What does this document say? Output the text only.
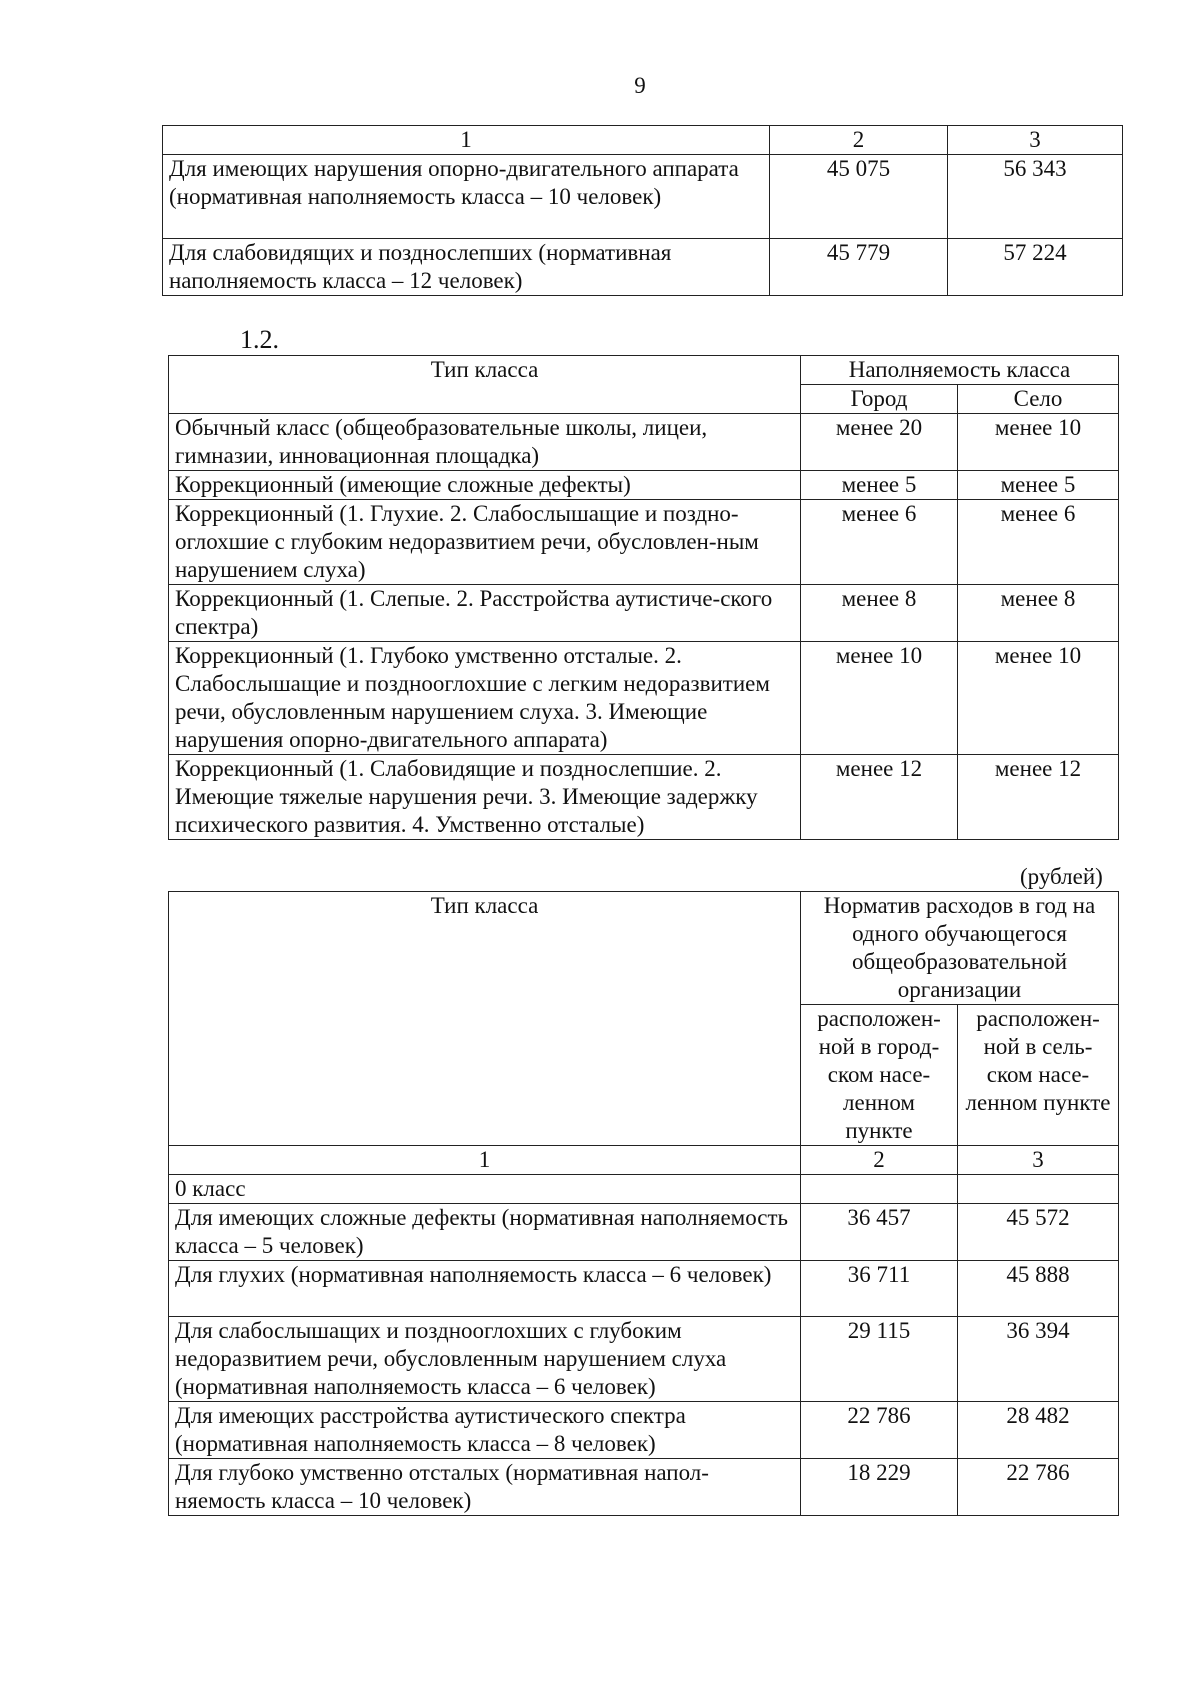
9
1	2	3
Для имеющих нарушения опорно-двигательного аппарата (нормативная наполняемость класса – 10 человек)	45 075	56 343
Для слабовидящих и позднослепших (нормативная наполняемость класса – 12 человек)	45 779	57 224
1.2.
Тип класса	Наполняемость класса	
	Город	Село
Обычный класс (общеобразовательные школы, лицеи, гимназии, инновационная площадка)	менее 20	менее 10
Коррекционный (имеющие сложные дефекты)	менее 5	менее 5
Коррекционный (1. Глухие. 2. Слабослышащие и поздно-оглохшие с глубоким недоразвитием речи, обусловлен-ным нарушением слуха)	менее 6	менее 6
Коррекционный (1. Слепые. 2. Расстройства аутистиче-ского спектра)	менее 8	менее 8
Коррекционный (1. Глубоко умственно отсталые. 2. Слабослышащие и позднооглохшие с легким недоразвитием речи, обусловленным нарушением слуха. 3. Имеющие нарушения опорно-двигательного аппарата)	менее 10	менее 10
Коррекционный (1. Слабовидящие и позднослепшие. 2. Имеющие тяжелые нарушения речи. 3. Имеющие задержку психического развития. 4. Умственно отсталые)	менее 12	менее 12
(рублей)
Тип класса	Норматив расходов в год на одного обучающегося общеобразовательной организации	
	расположен-ной в город-ском насе-ленном пункте	расположен-ной в сель-ском насе-ленном пункте
1	2	3
0 класс		
Для имеющих сложные дефекты (нормативная наполняемость класса – 5 человек)	36 457	45 572
Для глухих (нормативная наполняемость класса – 6 человек)	36 711	45 888
Для слабослышащих и позднооглохших с глубоким недоразвитием речи, обусловленным нарушением слуха (нормативная наполняемость класса – 6 человек)	29 115	36 394
Для имеющих расстройства аутистического спектра (нормативная наполняемость класса – 8 человек)	22 786	28 482
Для глубоко умственно отсталых (нормативная напол-няемость класса – 10 человек)	18 229	22 786
